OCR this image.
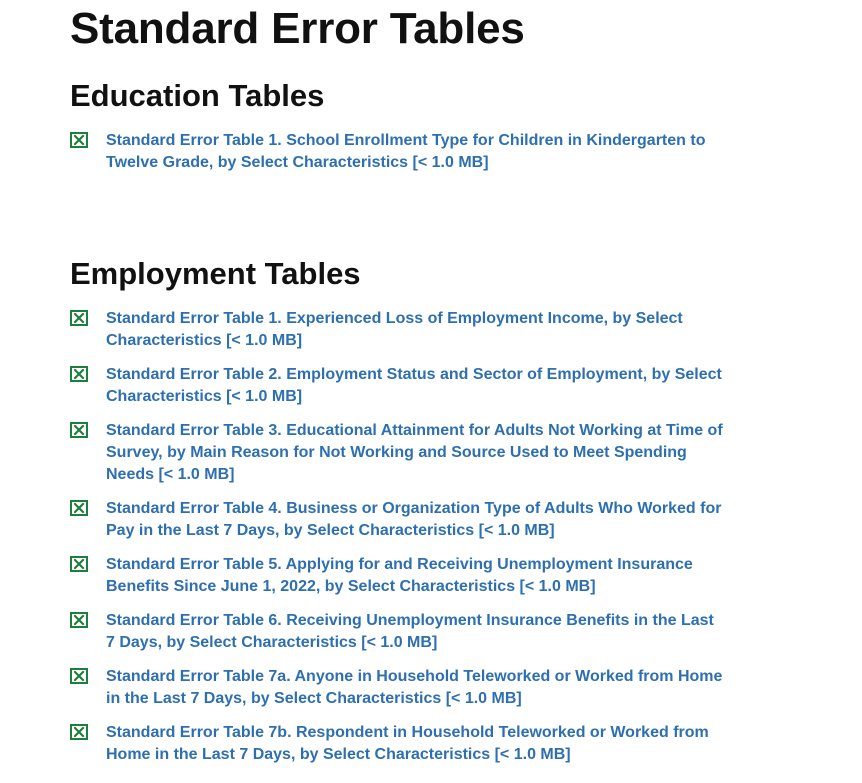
Standard Error Tables
Education Tables
Standard Error Table 1. School Enrollment Type for Children in Kindergarten to Twelve Grade, by Select Characteristics [< 1.0 MB]
Employment Tables
Standard Error Table 1. Experienced Loss of Employment Income, by Select Characteristics [< 1.0 MB]
Standard Error Table 2. Employment Status and Sector of Employment, by Select Characteristics [< 1.0 MB]
Standard Error Table 3. Educational Attainment for Adults Not Working at Time of Survey, by Main Reason for Not Working and Source Used to Meet Spending Needs [< 1.0 MB]
Standard Error Table 4. Business or Organization Type of Adults Who Worked for Pay in the Last 7 Days, by Select Characteristics [< 1.0 MB]
Standard Error Table 5. Applying for and Receiving Unemployment Insurance Benefits Since June 1, 2022, by Select Characteristics [< 1.0 MB]
Standard Error Table 6. Receiving Unemployment Insurance Benefits in the Last 7 Days, by Select Characteristics [< 1.0 MB]
Standard Error Table 7a. Anyone in Household Teleworked or Worked from Home in the Last 7 Days, by Select Characteristics [< 1.0 MB]
Standard Error Table 7b. Respondent in Household Teleworked or Worked from Home in the Last 7 Days, by Select Characteristics [< 1.0 MB]
